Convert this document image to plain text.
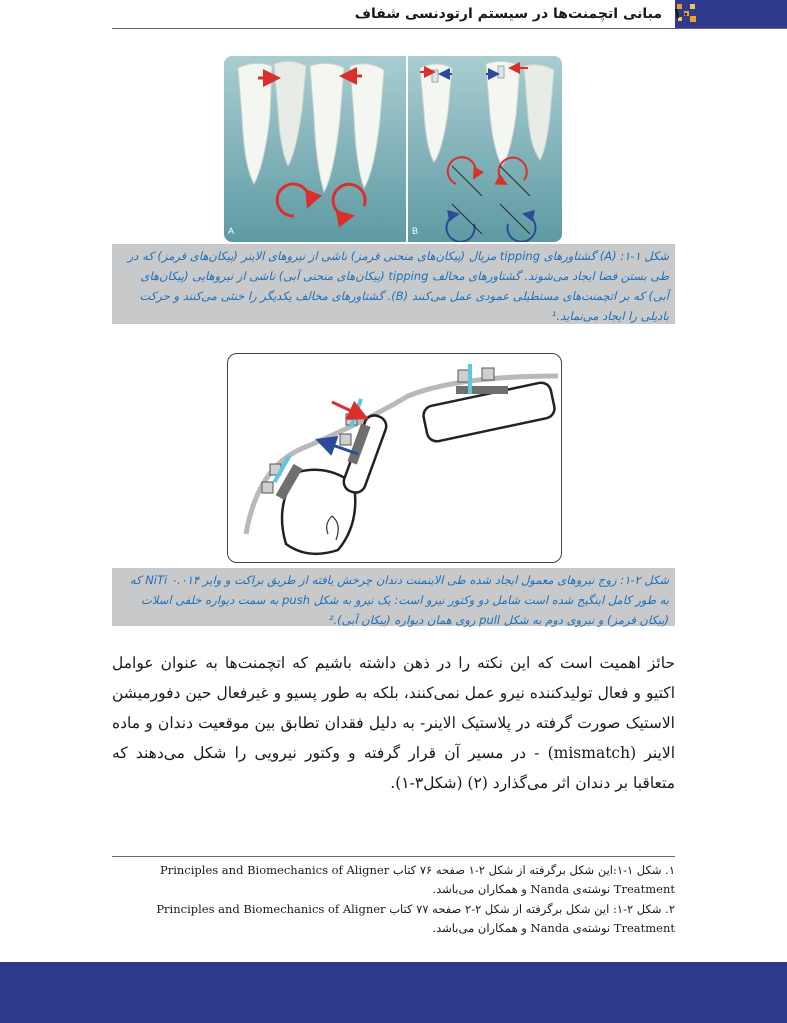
مبانی اتچمنت‌ها در سیستم ارتودنسی شفاف ۱۰
A	B
شکل ۱-۱: (A) گشتاورهای tipping مزیال (پیکان‌های منحنی قرمز) ناشی از نیروهای الاینر (پیکان‌های قرمز) که در طی بستن فضا ایجاد می‌شوند. گشتاورهای مخالف tipping (پیکان‌های منحنی آبی) ناشی از نیروهایی (پیکان‌های آبی) که بر اتچمنت‌های مستطیلی عمودی عمل می‌کنند (B). گشتاورهای مخالف یکدیگر را خنثی می‌کنند و حرکت بادیلی را ایجاد می‌نماید.¹
شکل ۲-۱: زوج نیروهای معمول ایجاد شده طی الاینمنت دندان چرخش یافته از طریق براکت و وایر ۰.۰۱۴ NiTi که به طور کامل اینگیج شده است شامل دو وکتور نیرو است: یک نیرو به شکل push به سمت دیواره خلفی اسلات (پیکان قرمز) و نیروی دوم به شکل pull روی همان دیواره (پیکان آبی).²
حائز اهمیت است که این نکته را در ذهن داشته باشیم که اتچمنت‌ها به عنوان عوامل اکتیو و فعال تولیدکننده نیرو عمل نمی‌کنند، بلکه به طور پسیو و غیرفعال حین دفورمیشن الاستیک صورت گرفته در پلاستیک الاینر- به دلیل فقدان تطابق بین موقعیت دندان و ماده الاینر (mismatch) - در مسیر آن قرار گرفته و وکتور نیرویی را شکل می‌دهند که متعاقبا بر دندان اثر می‌گذارد (۲) (شکل۳-۱).

۱. شکل ۱-۱:این شکل برگرفته از شکل ۲-۱ صفحه ۷۶ کتاب Principles and Biomechanics of Aligner Treatment نوشته‌ی Nanda و همکاران می‌باشد.

۲. شکل ۲-۱: این شکل برگرفته از شکل ۲-۲ صفحه ۷۷ کتاب Principles and Biomechanics of Aligner Treatment نوشته‌ی Nanda و همکاران می‌باشد.
